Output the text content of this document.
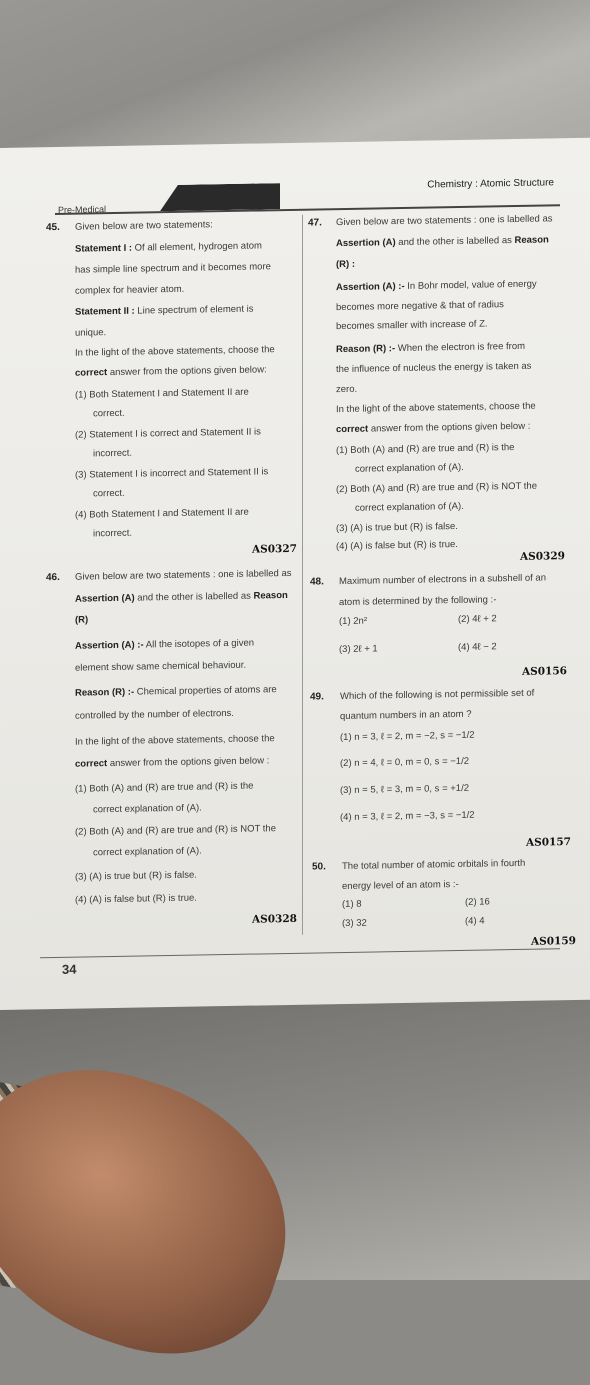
Pre-Medical
Chemistry : Atomic Structure
45. Given below are two statements:
Statement I : Of all element, hydrogen atom
has simple line spectrum and it becomes more
complex for heavier atom.
Statement II : Line spectrum of element is
unique.
In the light of the above statements, choose the
correct answer from the options given below:
(1) Both Statement I and Statement II are
correct.
(2) Statement I is correct and Statement II is
incorrect.
(3) Statement I is incorrect and Statement II is
correct.
(4) Both Statement I and Statement II are
incorrect.
AS0327
46. Given below are two statements : one is labelled as
Assertion (A) and the other is labelled as Reason
(R)
Assertion (A) :- All the isotopes of a given
element show same chemical behaviour.
Reason (R) :- Chemical properties of atoms are
controlled by the number of electrons.
In the light of the above statements, choose the
correct answer from the options given below :
(1) Both (A) and (R) are true and (R) is the
correct explanation of (A).
(2) Both (A) and (R) are true and (R) is NOT the
correct explanation of (A).
(3) (A) is true but (R) is false.
(4) (A) is false but (R) is true.
AS0328
47. Given below are two statements : one is labelled as
Assertion (A) and the other is labelled as Reason
(R) :
Assertion (A) :- In Bohr model, value of energy
becomes more negative & that of radius
becomes smaller with increase of Z.
Reason (R) :- When the electron is free from
the influence of nucleus the energy is taken as
zero.
In the light of the above statements, choose the
correct answer from the options given below :
(1) Both (A) and (R) are true and (R) is the
correct explanation of (A).
(2) Both (A) and (R) are true and (R) is NOT the
correct explanation of (A).
(3) (A) is true but (R) is false.
(4) (A) is false but (R) is true.
AS0329
48. Maximum number of electrons in a subshell of an
atom is determined by the following :-
(1) 2n²	(2) 4ℓ + 2
(3) 2ℓ + 1	(4) 4ℓ − 2
AS0156
49. Which of the following is not permissible set of
quantum numbers in an atom ?
(1) n = 3, ℓ = 2, m = −2, s = −1/2
(2) n = 4, ℓ = 0, m = 0, s = −1/2
(3) n = 5, ℓ = 3, m = 0, s = +1/2
(4) n = 3, ℓ = 2, m = −3, s = −1/2
AS0157
50. The total number of atomic orbitals in fourth
energy level of an atom is :-
(1) 8	(2) 16
(3) 32	(4) 4
AS0159
34
